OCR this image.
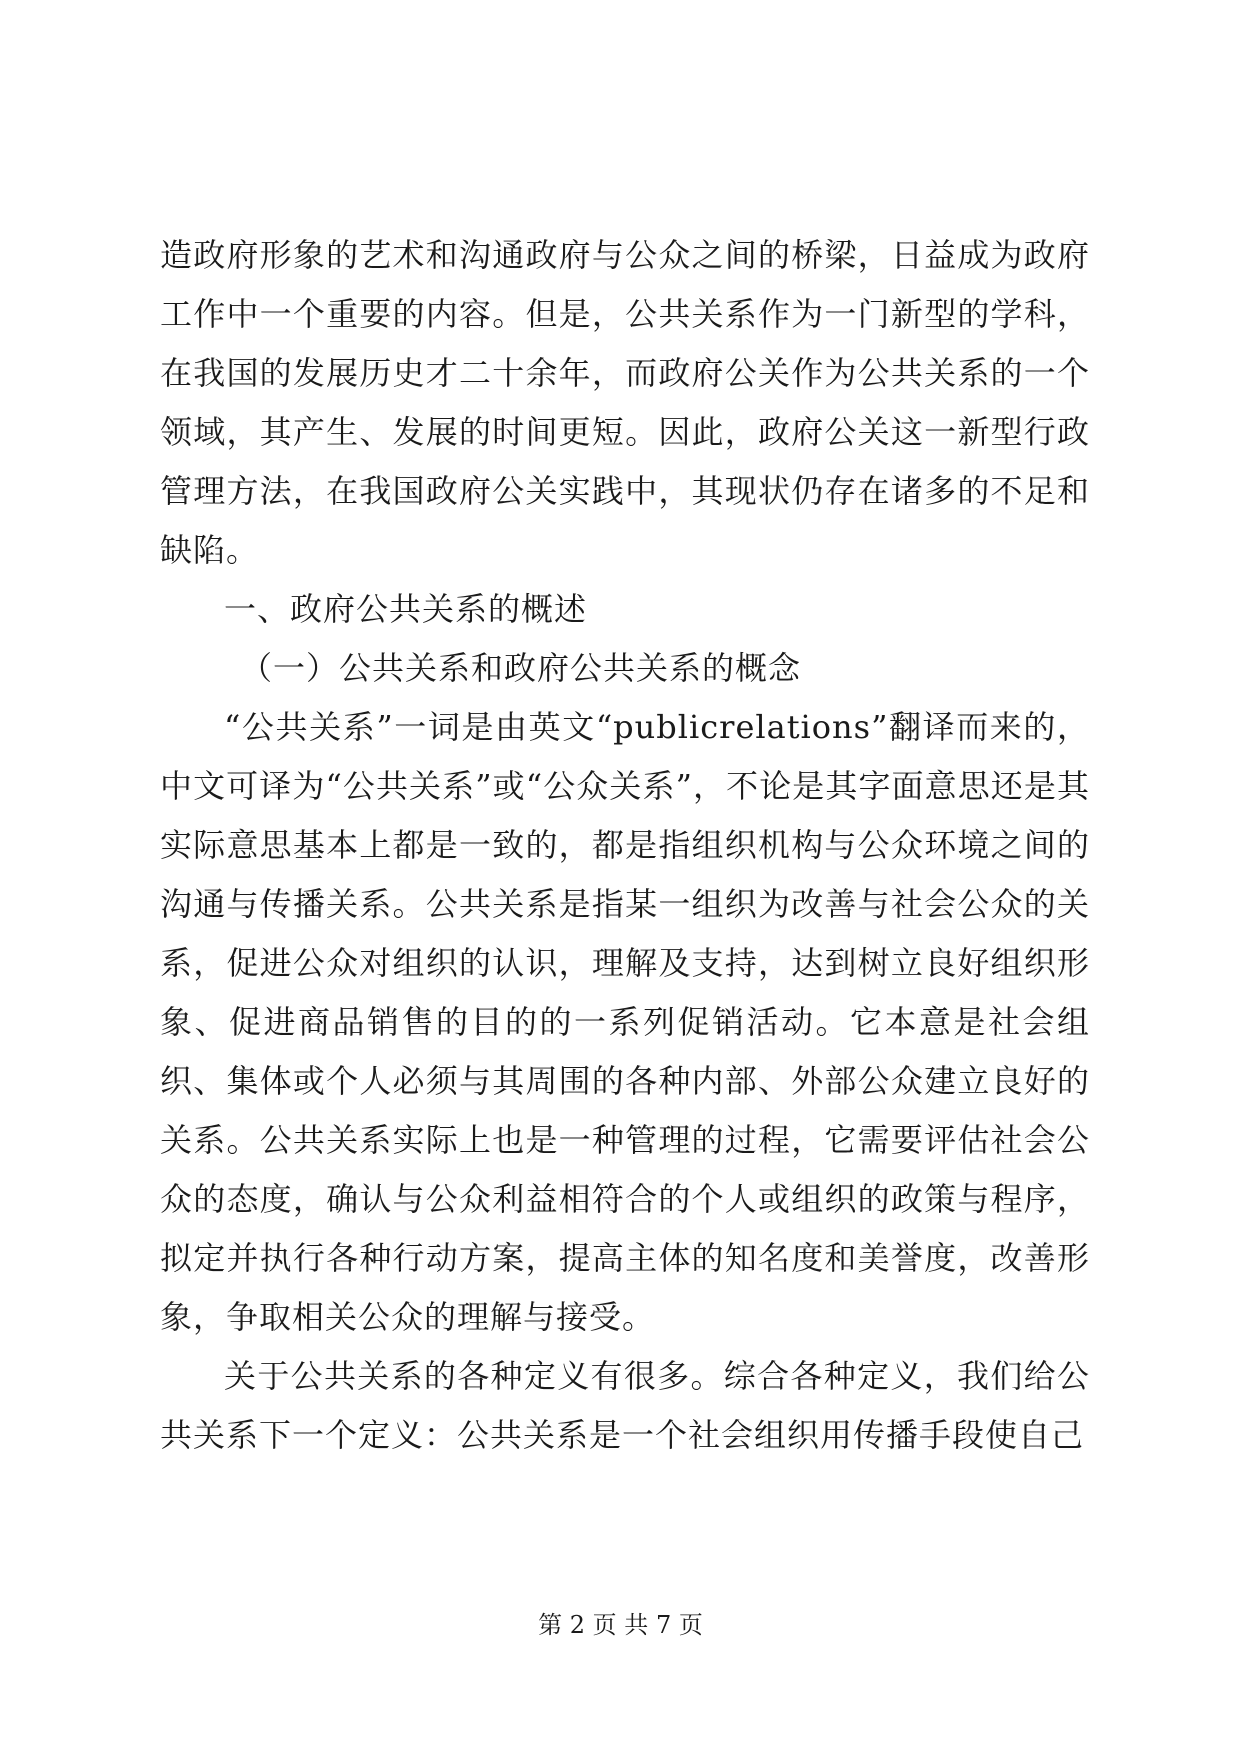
造政府形象的艺术和沟通政府与公众之间的桥梁，日益成为政府工作中一个重要的内容。但是，公共关系作为一门新型的学科，在我国的发展历史才二十余年，而政府公关作为公共关系的一个领域，其产生、发展的时间更短。因此，政府公关这一新型行政管理方法，在我国政府公关实践中，其现状仍存在诸多的不足和缺陷。

一、政府公共关系的概述

（一）公共关系和政府公共关系的概念

“公共关系”一词是由英文“publicrelations”翻译而来的，中文可译为“公共关系”或“公众关系”，不论是其字面意思还是其实际意思基本上都是一致的，都是指组织机构与公众环境之间的沟通与传播关系。公共关系是指某一组织为改善与社会公众的关系，促进公众对组织的认识，理解及支持，达到树立良好组织形象、促进商品销售的目的的一系列促销活动。它本意是社会组织、集体或个人必须与其周围的各种内部、外部公众建立良好的关系。公共关系实际上也是一种管理的过程，它需要评估社会公众的态度，确认与公众利益相符合的个人或组织的政策与程序，拟定并执行各种行动方案，提高主体的知名度和美誉度，改善形象，争取相关公众的理解与接受。

关于公共关系的各种定义有很多。综合各种定义，我们给公共关系下一个定义：公共关系是一个社会组织用传播手段使自己

第 2 页 共 7 页
